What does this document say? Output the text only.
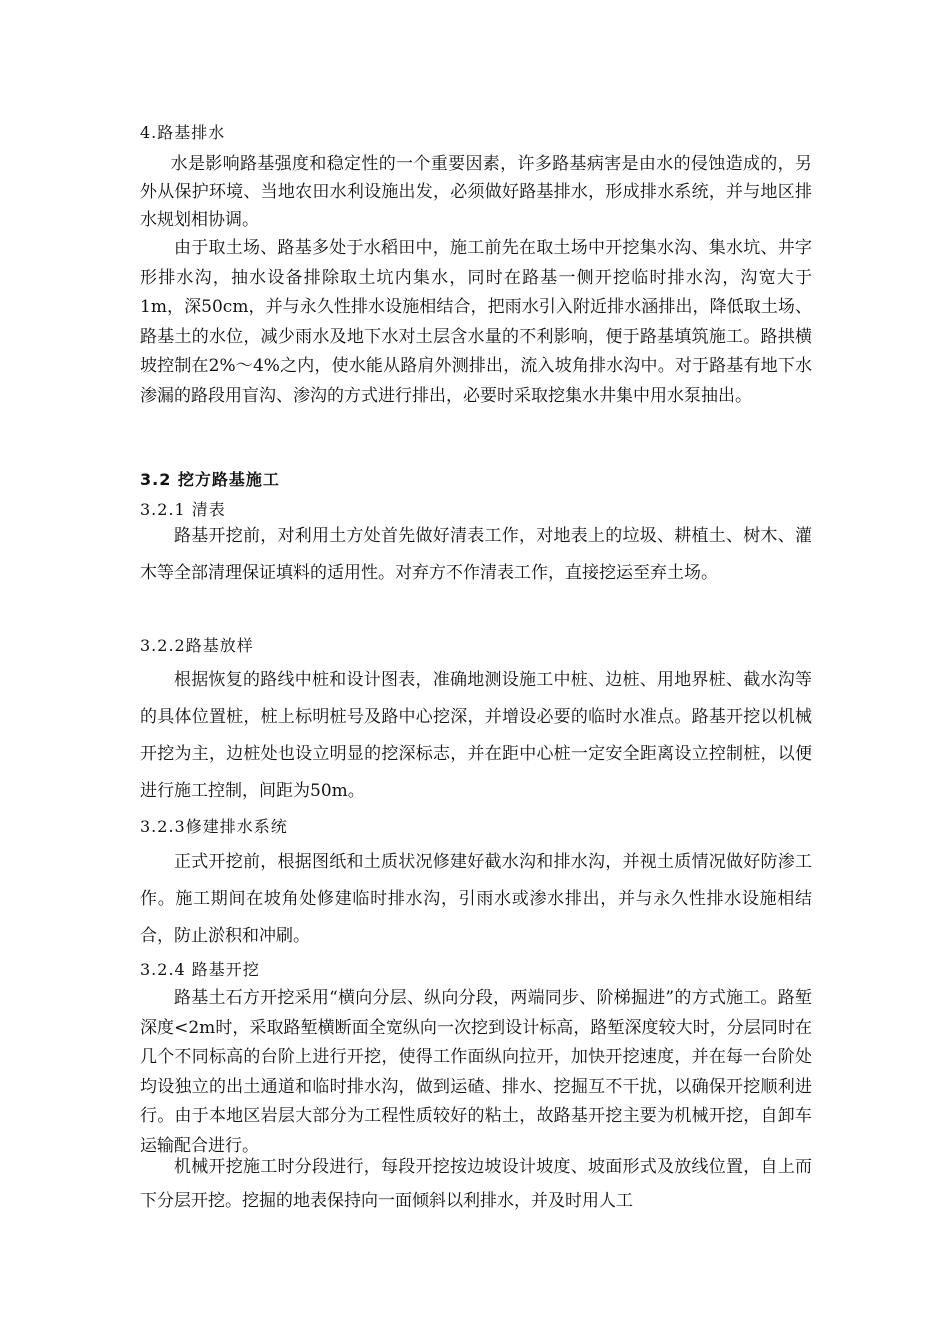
4.路基排水

水是影响路基强度和稳定性的一个重要因素，许多路基病害是由水的侵蚀造成的，另外从保护环境、当地农田水利设施出发，必须做好路基排水，形成排水系统，并与地区排水规划相协调。

由于取土场、路基多处于水稻田中，施工前先在取土场中开挖集水沟、集水坑、井字形排水沟，抽水设备排除取土坑内集水，同时在路基一侧开挖临时排水沟，沟宽大于1m，深50cm，并与永久性排水设施相结合，把雨水引入附近排水涵排出，降低取土场、路基土的水位，减少雨水及地下水对土层含水量的不利影响，便于路基填筑施工。路拱横坡控制在2%～4%之内，使水能从路肩外测排出，流入坡角排水沟中。对于路基有地下水渗漏的路段用盲沟、渗沟的方式进行排出，必要时采取挖集水井集中用水泵抽出。

3.2 挖方路基施工
3.2.1 清表

路基开挖前，对利用土方处首先做好清表工作，对地表上的垃圾、耕植土、树木、灌木等全部清理保证填料的适用性。对弃方不作清表工作，直接挖运至弃土场。

3.2.2路基放样

根据恢复的路线中桩和设计图表，准确地测设施工中桩、边桩、用地界桩、截水沟等的具体位置桩，桩上标明桩号及路中心挖深，并增设必要的临时水准点。路基开挖以机械开挖为主，边桩处也设立明显的挖深标志，并在距中心桩一定安全距离设立控制桩，以便进行施工控制，间距为50m。

3.2.3修建排水系统

正式开挖前，根据图纸和土质状况修建好截水沟和排水沟，并视土质情况做好防渗工作。施工期间在坡角处修建临时排水沟，引雨水或渗水排出，并与永久性排水设施相结合，防止淤积和冲刷。

3.2.4 路基开挖

路基土石方开挖采用“横向分层、纵向分段，两端同步、阶梯掘进”的方式施工。路堑深度<2m时，采取路堑横断面全宽纵向一次挖到设计标高，路堑深度较大时，分层同时在几个不同标高的台阶上进行开挖，使得工作面纵向拉开，加快开挖速度，并在每一台阶处均设独立的出土通道和临时排水沟，做到运碴、排水、挖掘互不干扰，以确保开挖顺利进行。由于本地区岩层大部分为工程性质较好的粘土，故路基开挖主要为机械开挖，自卸车运输配合进行。

机械开挖施工时分段进行，每段开挖按边坡设计坡度、坡面形式及放线位置，自上而下分层开挖。挖掘的地表保持向一面倾斜以利排水，并及时用人工
